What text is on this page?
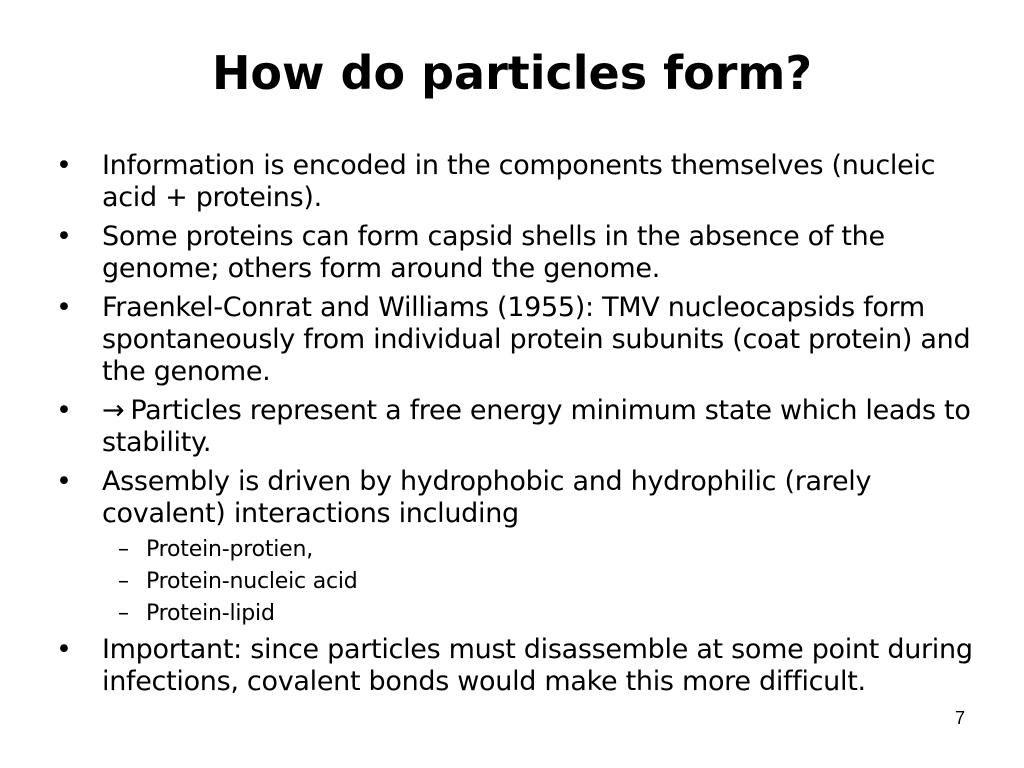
How do particles form?
•	Information is encoded in the components themselves (nucleic acid + proteins).
•	Some proteins can form capsid shells in the absence of the genome; others form around the genome.
•	Fraenkel-Conrat and Williams (1955): TMV nucleocapsids form spontaneously from individual protein subunits (coat protein) and the genome.
•	→ Particles represent a free energy minimum state which leads to stability.
•	Assembly is driven by hydrophobic and hydrophilic (rarely covalent) interactions including
– Protein-protien,
– Protein-nucleic acid
– Protein-lipid
•	Important: since particles must disassemble at some point during infections, covalent bonds would make this more difficult.
7
